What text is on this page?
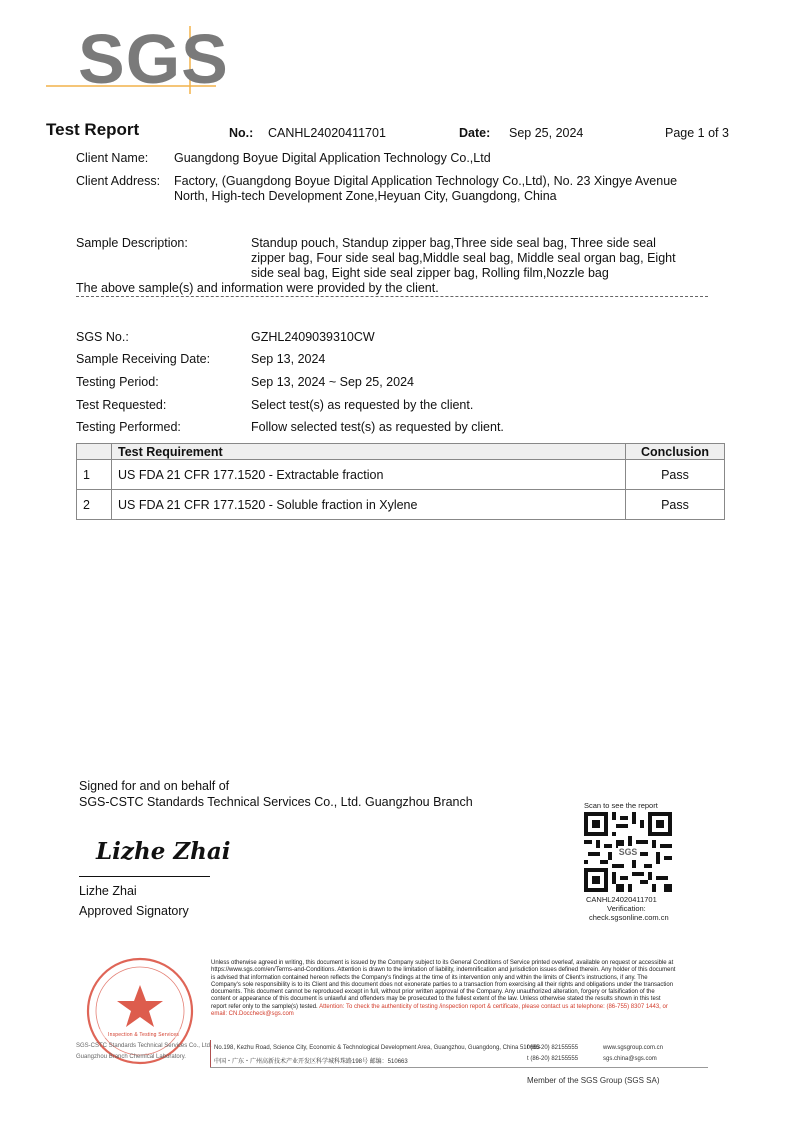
SGS
Test Report	No.: CANHL24020411701	Date: Sep 25, 2024	Page 1 of 3
Client Name: Guangdong Boyue Digital Application Technology Co.,Ltd
Client Address: Factory, (Guangdong Boyue Digital Application Technology Co.,Ltd), No. 23 Xingye Avenue
North, High-tech Development Zone,Heyuan City, Guangdong, China
Sample Description:	Standup pouch, Standup zipper bag,Three side seal bag, Three side seal
zipper bag, Four side seal bag,Middle seal bag, Middle seal organ bag, Eight
side seal bag, Eight side seal zipper bag, Rolling film,Nozzle bag
The above sample(s) and information were provided by the client.
SGS No.:	GZHL2409039310CW
Sample Receiving Date:	Sep 13, 2024
Testing Period:	Sep 13, 2024 ~ Sep 25, 2024
Test Requested:	Select test(s) as requested by the client.
Testing Performed:	Follow selected test(s) as requested by client.
	Test Requirement	Conclusion
1	US FDA 21 CFR 177.1520 - Extractable fraction	Pass
2	US FDA 21 CFR 177.1520 - Soluble fraction in Xylene	Pass
Signed for and on behalf of
SGS-CSTC Standards Technical Services Co., Ltd. Guangzhou Branch
Lizhe Zhai
Lizhe Zhai
Approved Signatory
Scan to see the report
SGS
CANHL24020411701
Verification:
check.sgsonline.com.cn
Inspection & Testing Services
SGS-CSTC Standards Technical Services Co., Ltd.
Guangzhou Branch Chemical Laboratory.
Unless otherwise agreed in writing, this document is issued by the Company subject to its General Conditions of Service printed overleaf, available on request or accessible at https://www.sgs.com/en/Terms-and-Conditions. Attention is drawn to the limitation of liability, indemnification and jurisdiction issues defined therein. Any holder of this document is advised that information contained hereon reflects the Company's findings at the time of its intervention only and within the limits of Client's instructions, if any. The Company's sole responsibility is to its Client and this document does not exonerate parties to a transaction from exercising all their rights and obligations under the transaction documents. This document cannot be reproduced except in full, without prior written approval of the Company. Any unauthorized alteration, forgery or falsification of the content or appearance of this document is unlawful and offenders may be prosecuted to the fullest extent of the law. Unless otherwise stated the results shown in this test report refer only to the sample(s) tested. Attention: To check the authenticity of testing /inspection report & certificate, please contact us at telephone: (86-755) 8307 1443, or email: CN.Doccheck@sgs.com
No.198, Kezhu Road, Science City, Economic & Technological Development Area, Guangzhou, Guangdong, China 510663
中国・广东・广州高新技术产业开发区科学城科珠路198号 邮编：510663
t (86-20) 82155555
t (86-20) 82155555
www.sgsgroup.com.cn
sgs.china@sgs.com
Member of the SGS Group (SGS SA)
